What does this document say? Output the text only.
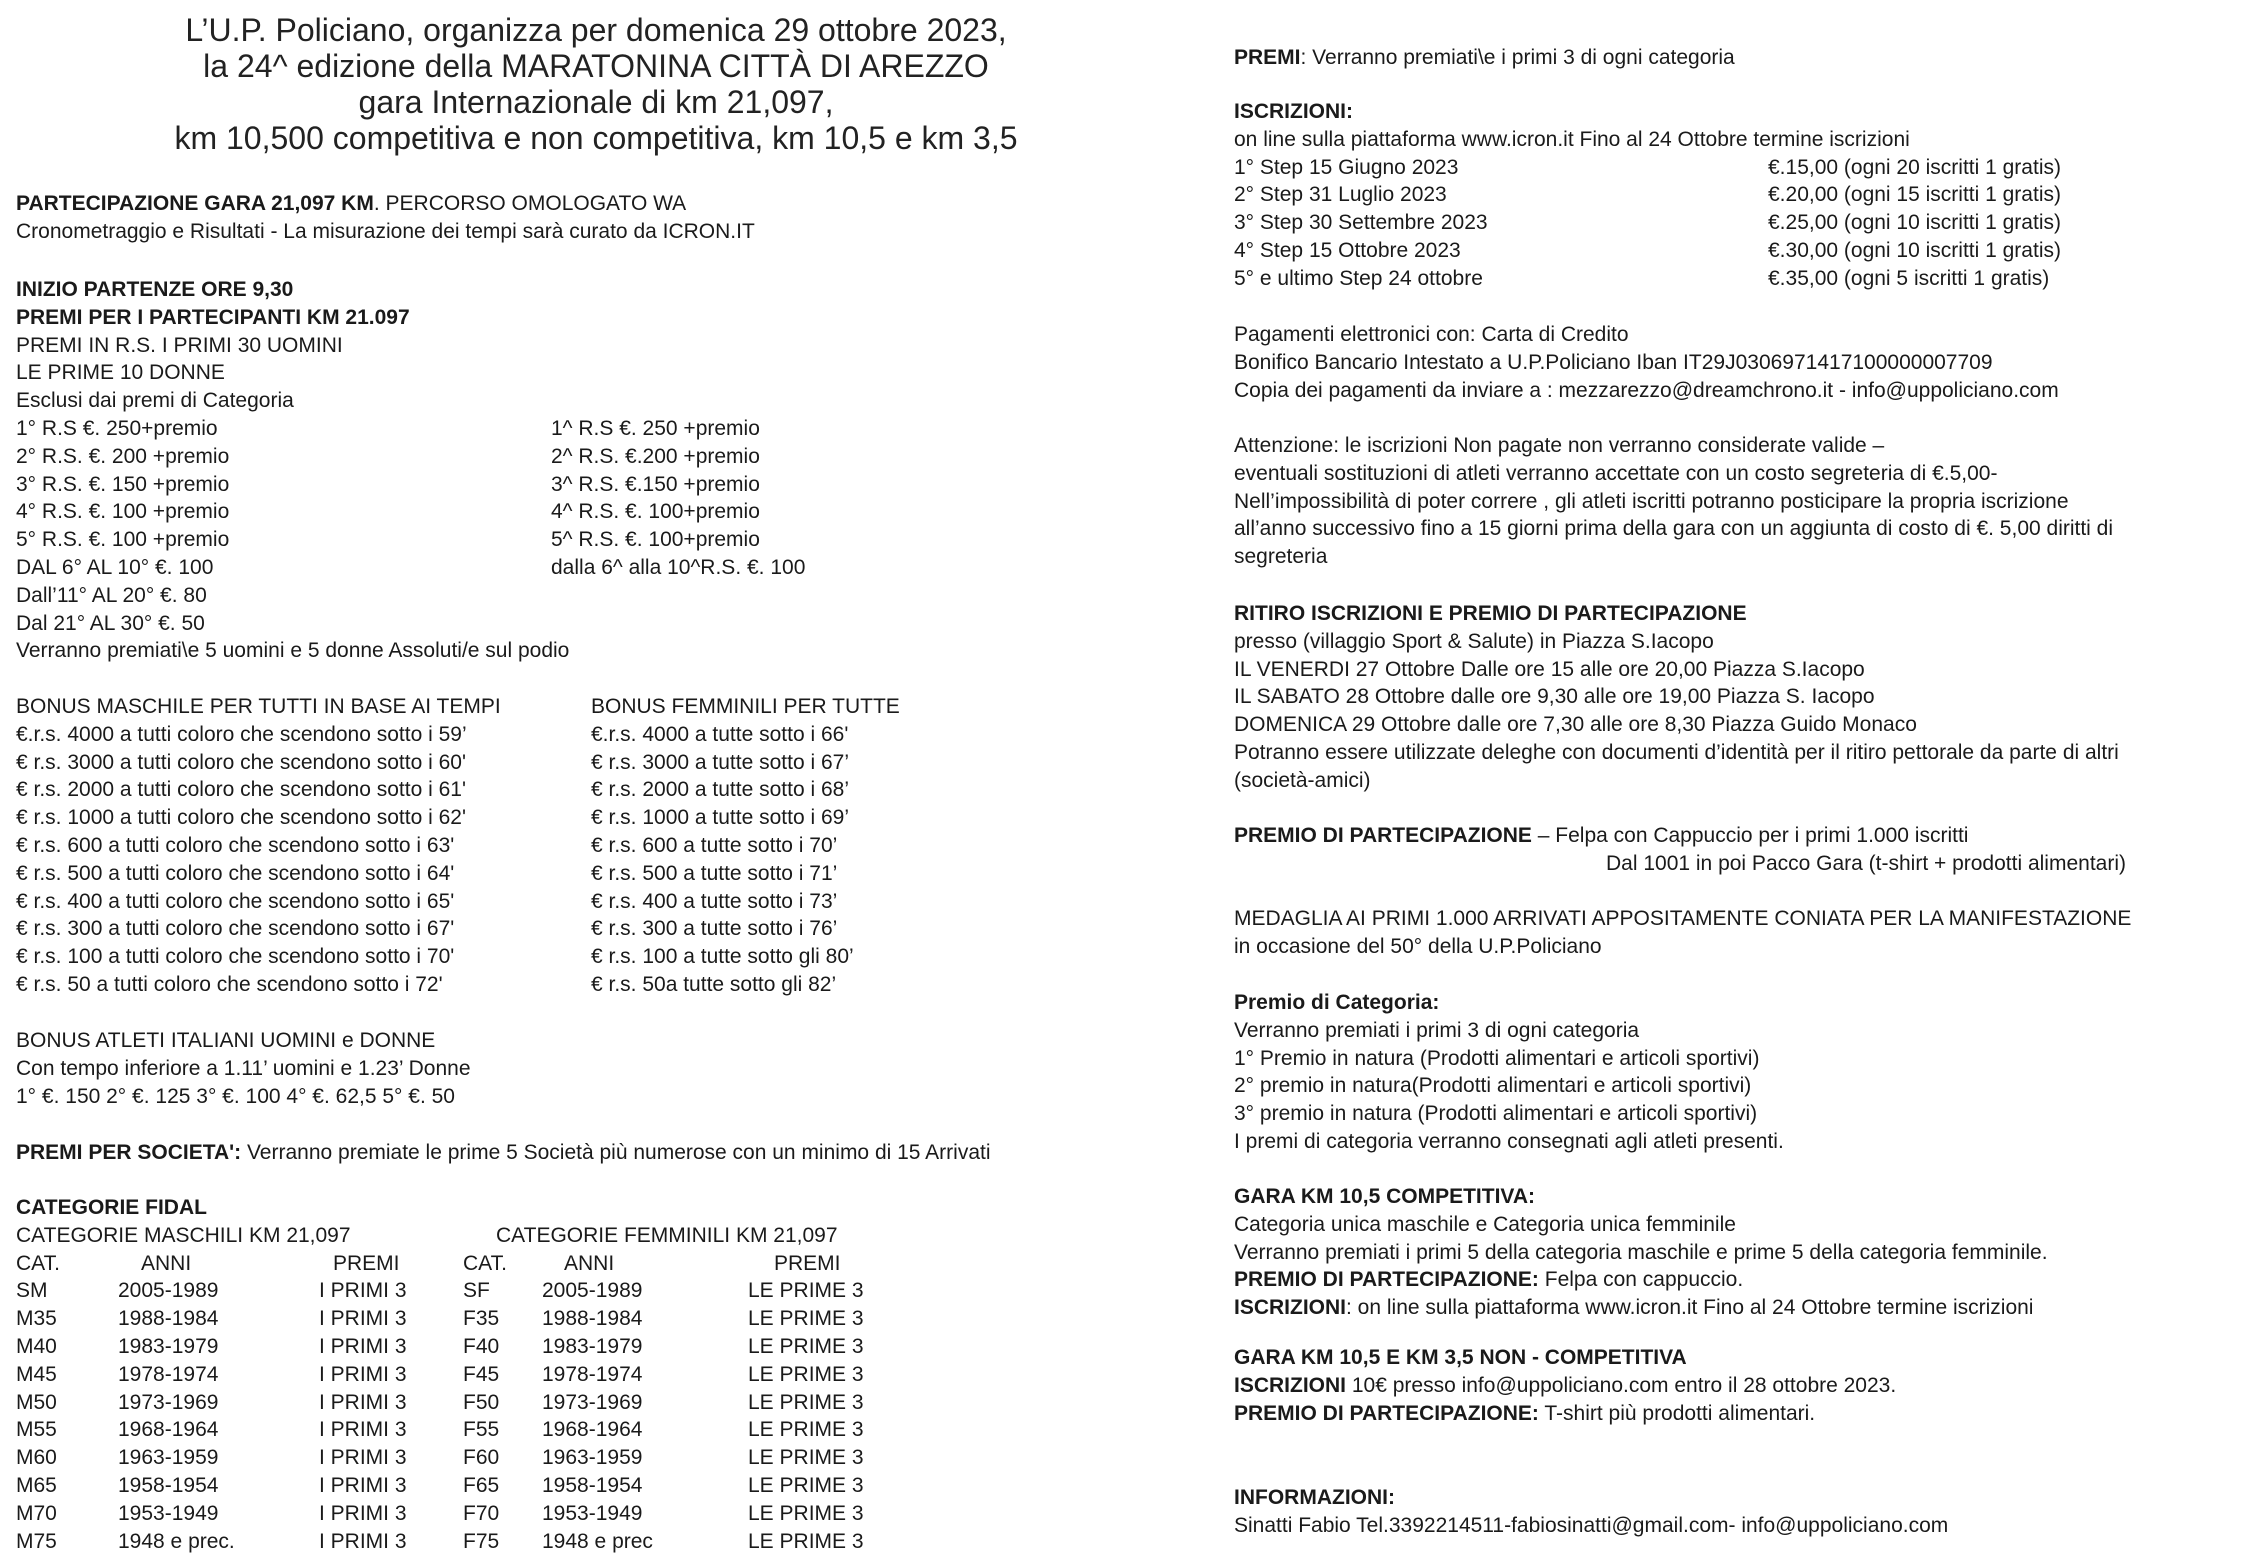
L’U.P. Policiano, organizza per domenica 29 ottobre 2023,
la 24^ edizione della MARATONINA CITTÀ DI AREZZO
gara Internazionale di km 21,097,
km 10,500 competitiva e non competitiva, km 10,5 e km 3,5
PARTECIPAZIONE GARA 21,097 KM. PERCORSO OMOLOGATO WA
Cronometraggio e Risultati - La misurazione dei tempi sarà curato da ICRON.IT
INIZIO PARTENZE ORE 9,30
PREMI PER I PARTECIPANTI KM 21.097
PREMI IN R.S. I PRIMI 30 UOMINI
LE PRIME 10 DONNE
Esclusi dai premi di Categoria
1° R.S €. 250+premio	1^ R.S €. 250 +premio
2° R.S. €. 200 +premio	2^ R.S. €.200 +premio
3° R.S. €. 150 +premio	3^ R.S. €.150 +premio
4° R.S. €. 100 +premio	4^ R.S. €. 100+premio
5° R.S. €. 100 +premio	5^ R.S. €. 100+premio
DAL 6° AL 10° €. 100	dalla 6^ alla 10^R.S. €. 100
Dall’11° AL 20° €. 80
Dal 21° AL 30° €. 50
Verranno premiati\e 5 uomini e 5 donne Assoluti/e sul podio
BONUS MASCHILE PER TUTTI IN BASE AI TEMPI	BONUS FEMMINILI PER TUTTE
€.r.s. 4000 a tutti coloro che scendono sotto i 59’	€.r.s. 4000 a tutte sotto i 66'
€ r.s. 3000 a tutti coloro che scendono sotto i 60'	€ r.s. 3000 a tutte sotto i 67’
€ r.s. 2000 a tutti coloro che scendono sotto i 61'	€ r.s. 2000 a tutte sotto i 68’
€ r.s. 1000 a tutti coloro che scendono sotto i 62'	€ r.s. 1000 a tutte sotto i 69’
€ r.s. 600 a tutti coloro che scendono sotto i 63'	€ r.s. 600 a tutte sotto i 70’
€ r.s. 500 a tutti coloro che scendono sotto i 64'	€ r.s. 500 a tutte sotto i 71’
€ r.s. 400 a tutti coloro che scendono sotto i 65'	€ r.s. 400 a tutte sotto i 73’
€ r.s. 300 a tutti coloro che scendono sotto i 67'	€ r.s. 300 a tutte sotto i 76’
€ r.s. 100 a tutti coloro che scendono sotto i 70'	€ r.s. 100 a tutte sotto gli 80’
€ r.s. 50 a tutti coloro che scendono sotto i 72'	€ r.s. 50a tutte sotto gli 82’
BONUS ATLETI ITALIANI UOMINI e DONNE
Con tempo inferiore a 1.11’ uomini e 1.23’ Donne
1° €. 150 2° €. 125 3° €. 100 4° €. 62,5 5° €. 50
PREMI PER SOCIETA': Verranno premiate le prime 5 Società più numerose con un minimo di 15 Arrivati
CATEGORIE FIDAL
CATEGORIE MASCHILI KM 21,097	CATEGORIE FEMMINILI KM 21,097
CAT.	ANNI	PREMI	CAT.	ANNI	PREMI
SM	2005-1989	I PRIMI 3	SF 2005-1989	LE PRIME 3
M35	1988-1984	I PRIMI 3	F35 1988-1984	LE PRIME 3
M40	1983-1979	I PRIMI 3	F40 1983-1979	LE PRIME 3
M45	1978-1974	I PRIMI 3	F45 1978-1974	LE PRIME 3
M50	1973-1969	I PRIMI 3	F50 1973-1969	LE PRIME 3
M55	1968-1964	I PRIMI 3	F55 1968-1964	LE PRIME 3
M60	1963-1959	I PRIMI 3	F60 1963-1959	LE PRIME 3
M65	1958-1954	I PRIMI 3	F65 1958-1954	LE PRIME 3
M70	1953-1949	I PRIMI 3	F70 1953-1949	LE PRIME 3
M75	1948 e prec.	I PRIMI 3	F75 1948 e prec	LE PRIME 3
PREMI: Verranno premiati\e i primi 3 di ogni categoria
ISCRIZIONI:
on line sulla piattaforma www.icron.it Fino al 24 Ottobre termine iscrizioni
1° Step 15 Giugno 2023	€.15,00 (ogni 20 iscritti 1 gratis)
2° Step 31 Luglio 2023	€.20,00 (ogni 15 iscritti 1 gratis)
3° Step 30 Settembre 2023	€.25,00 (ogni 10 iscritti 1 gratis)
4° Step 15 Ottobre 2023	€.30,00 (ogni 10 iscritti 1 gratis)
5° e ultimo Step 24 ottobre	€.35,00 (ogni 5 iscritti 1 gratis)
Pagamenti elettronici con: Carta di Credito
Bonifico Bancario Intestato a U.P.Policiano Iban IT29J0306971417100000007709
Copia dei pagamenti da inviare a : mezzarezzo@dreamchrono.it - info@uppoliciano.com
Attenzione: le iscrizioni Non pagate non verranno considerate valide –
eventuali sostituzioni di atleti verranno accettate con un costo segreteria di €.5,00-
Nell’impossibilità di poter correre , gli atleti iscritti potranno posticipare la propria iscrizione
all’anno successivo fino a 15 giorni prima della gara con un aggiunta di costo di €. 5,00 diritti di
segreteria
RITIRO ISCRIZIONI E PREMIO DI PARTECIPAZIONE
presso (villaggio Sport & Salute) in Piazza S.Iacopo
IL VENERDI 27 Ottobre Dalle ore 15 alle ore 20,00 Piazza S.Iacopo
IL SABATO 28 Ottobre dalle ore 9,30 alle ore 19,00 Piazza S. Iacopo
DOMENICA 29 Ottobre dalle ore 7,30 alle ore 8,30 Piazza Guido Monaco
Potranno essere utilizzate deleghe con documenti d’identità per il ritiro pettorale da parte di altri
(società-amici)
PREMIO DI PARTECIPAZIONE – Felpa con Cappuccio per i primi 1.000 iscritti
Dal 1001 in poi Pacco Gara (t-shirt + prodotti alimentari)
MEDAGLIA AI PRIMI 1.000 ARRIVATI APPOSITAMENTE CONIATA PER LA MANIFESTAZIONE
in occasione del 50° della U.P.Policiano
Premio di Categoria:
Verranno premiati i primi 3 di ogni categoria
1° Premio in natura (Prodotti alimentari e articoli sportivi)
2° premio in natura(Prodotti alimentari e articoli sportivi)
3° premio in natura (Prodotti alimentari e articoli sportivi)
I premi di categoria verranno consegnati agli atleti presenti.
GARA KM 10,5 COMPETITIVA:
Categoria unica maschile e Categoria unica femminile
Verranno premiati i primi 5 della categoria maschile e prime 5 della categoria femminile.
PREMIO DI PARTECIPAZIONE: Felpa con cappuccio.
ISCRIZIONI: on line sulla piattaforma www.icron.it Fino al 24 Ottobre termine iscrizioni
GARA KM 10,5 E KM 3,5 NON - COMPETITIVA
ISCRIZIONI 10€ presso info@uppoliciano.com entro il 28 ottobre 2023.
PREMIO DI PARTECIPAZIONE: T-shirt più prodotti alimentari.
INFORMAZIONI:
Sinatti Fabio Tel.3392214511-fabiosinatti@gmail.com- info@uppoliciano.com
